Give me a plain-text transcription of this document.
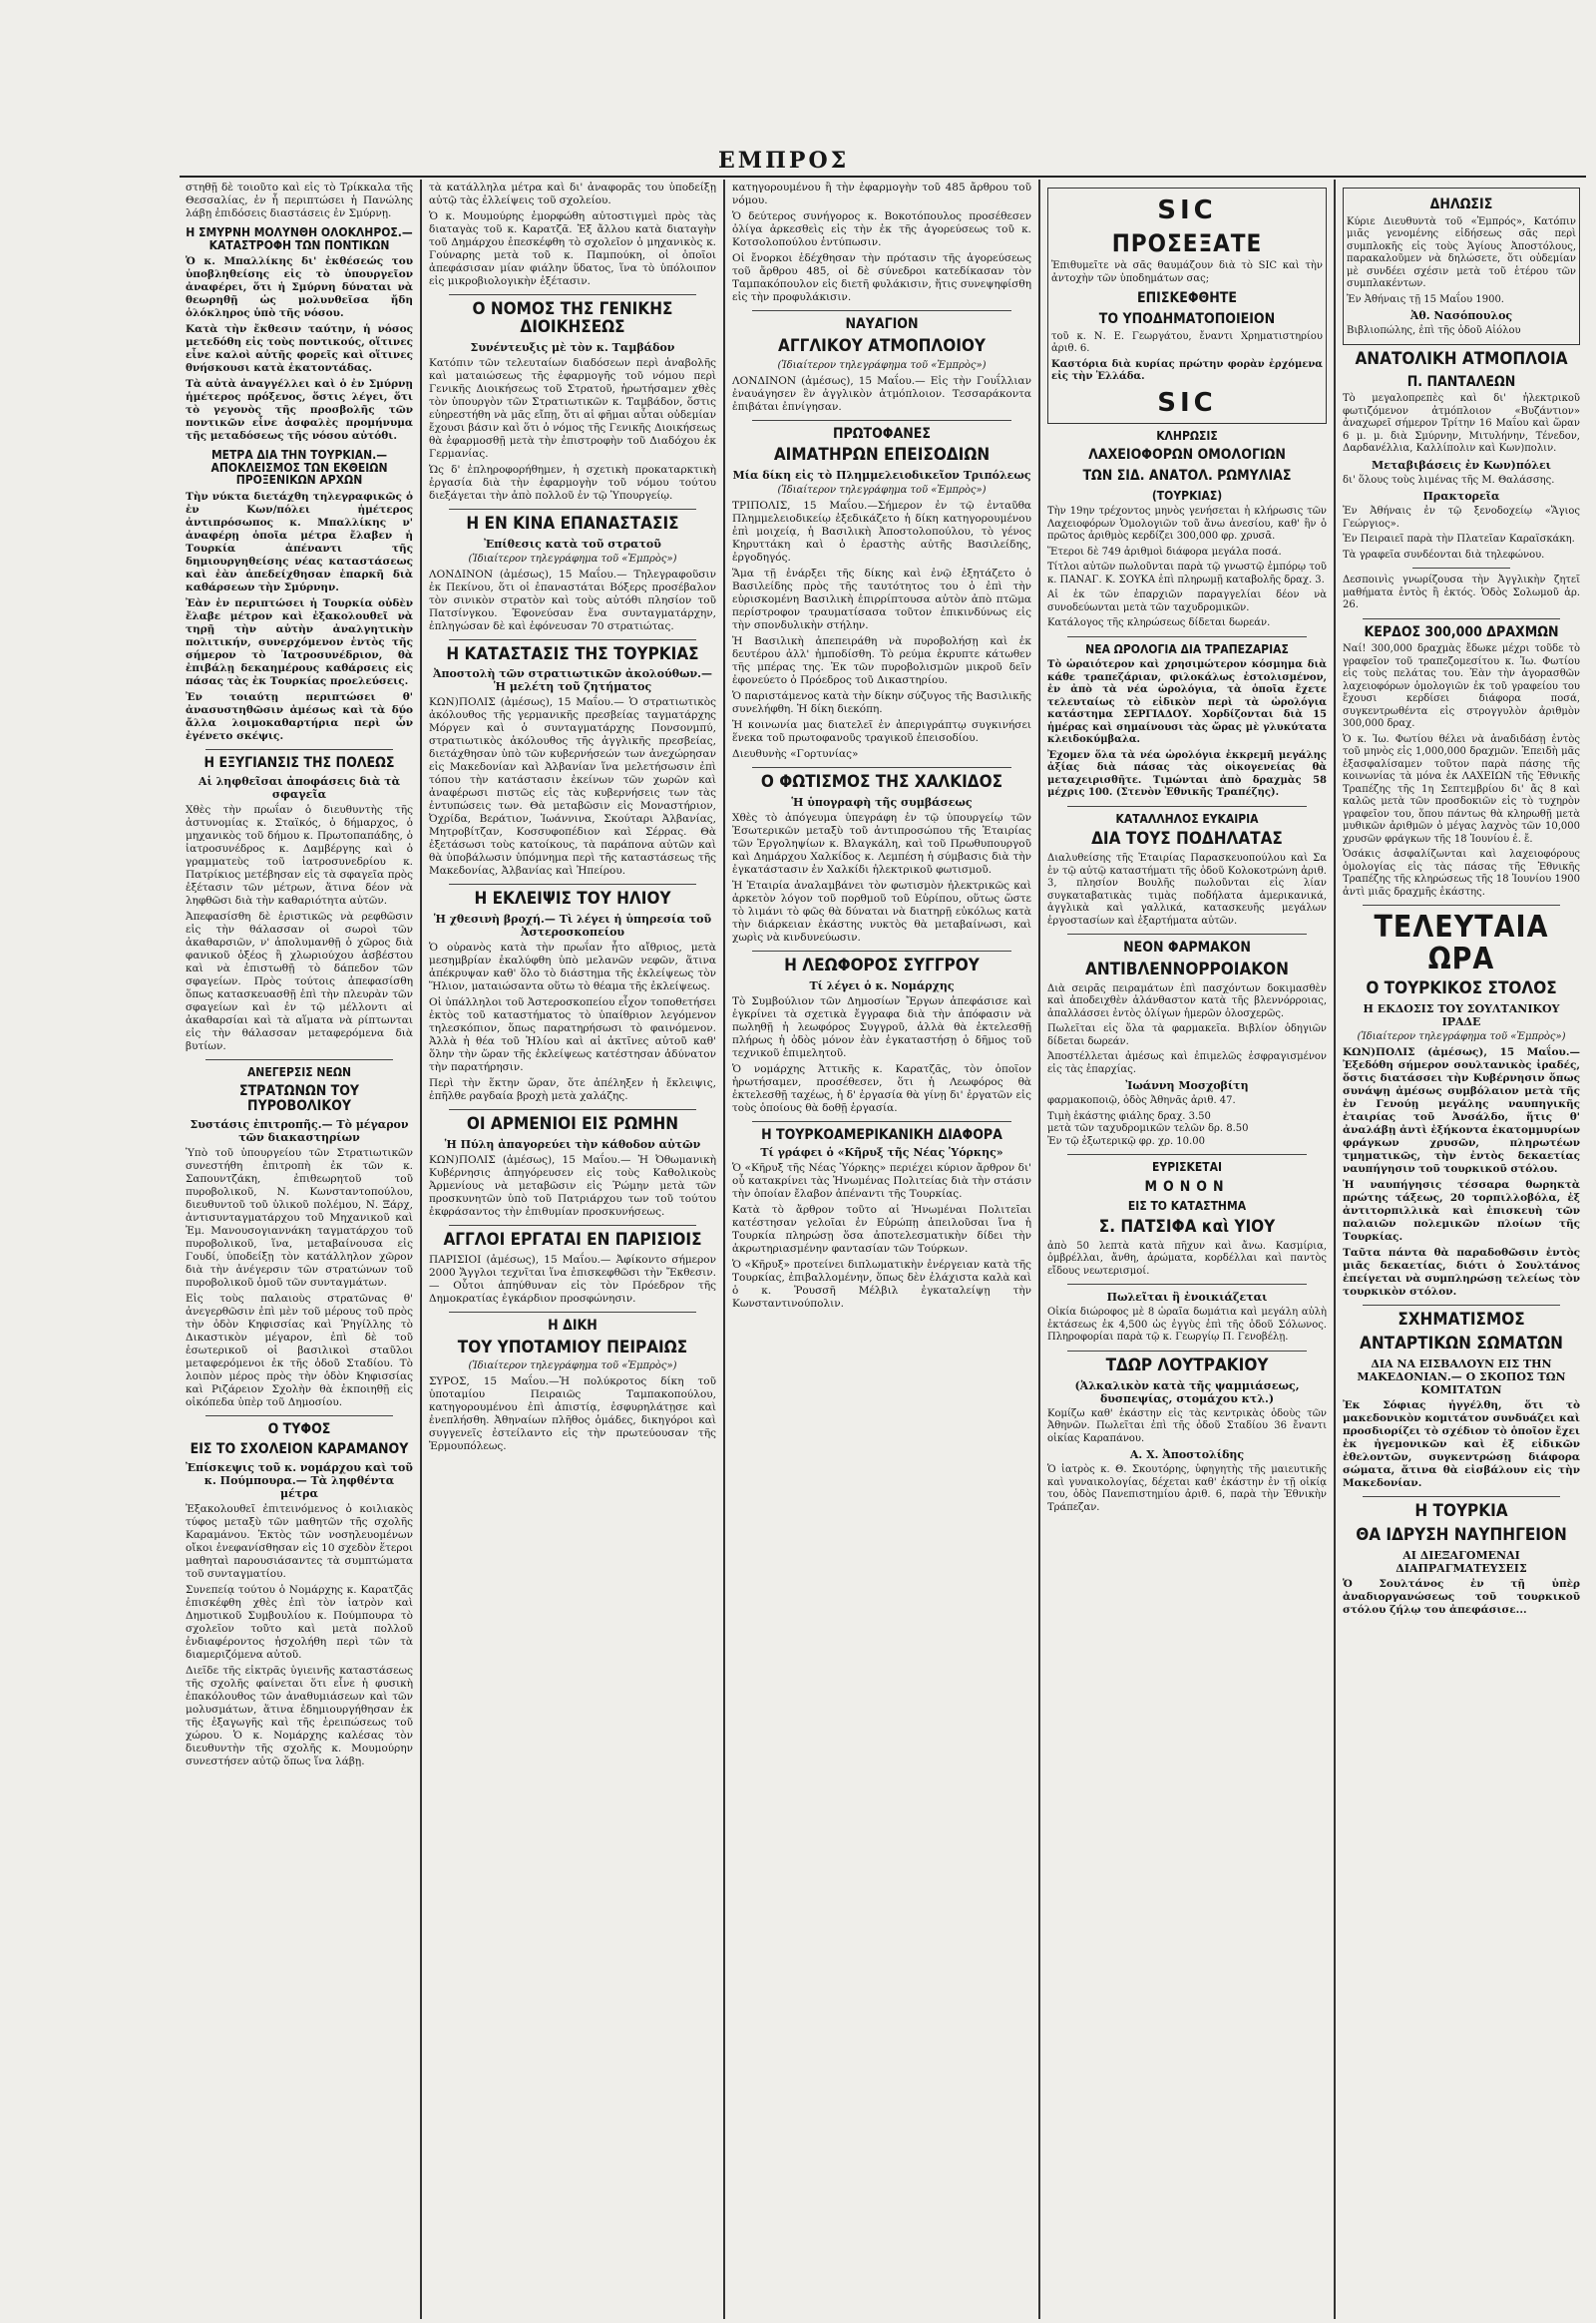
ΕΜΠΡΟΣ

στηθῇ δὲ τοιοῦτο καὶ εἰς τὸ Τρίκκαλα τῆς Θεσσαλίας, ἐν ἧ περιπτώσει ἡ Πανώλης λάβῃ ἐπιδόσεις διαστάσεις ἐν Σμύρνῃ.

Η ΣΜΥΡΝΗ ΜΟΛΥΝΘΗ ΟΛΟΚΛΗΡΟΣ.—ΚΑΤΑΣΤΡΟΦΗ ΤΩΝ ΠΟΝΤΙΚΩΝ

Ὁ κ. Μπαλλίκης δι' ἐκθέσεώς του ὑποβληθείσης εἰς τὸ ὑπουργεῖον ἀναφέρει, ὅτι ἡ Σμύρνη δύναται νὰ θεωρηθῇ ὡς μολυνθεῖσα ἤδη ὁλόκληρος ὑπὸ τῆς νόσου.

Κατὰ τὴν ἔκθεσιν ταύτην, ἡ νόσος μετεδόθη εἰς τοὺς ποντικούς, οἵτινες εἶνε καλοὶ αὐτῆς φορεῖς καὶ οἵτινες θνήσκουσι κατὰ ἑκατοντάδας.

Τὰ αὐτὰ ἀναγγέλλει καὶ ὁ ἐν Σμύρνῃ ἡμέτερος πρόξενος, ὅστις λέγει, ὅτι τὸ γεγονὸς τῆς προσβολῆς τῶν ποντικῶν εἶνε ἀσφαλὲς προμήνυμα τῆς μεταδόσεως τῆς νόσου αὐτόθι.

ΜΕΤΡΑ ΔΙΑ ΤΗΝ ΤΟΥΡΚΙΑΝ.— ΑΠΟΚΛΕΙΣΜΟΣ ΤΩΝ ΕΚΘΕΙΩΝ ΠΡΟΞΕΝΙΚΩΝ ΑΡΧΩΝ

Τὴν νύκτα διετάχθη τηλεγραφικῶς ὁ ἐν Κων/πόλει ἡμέτερος ἀντιπρόσωπος κ. Μπαλλίκης ν' ἀναφέρῃ ὁποῖα μέτρα ἔλαβεν ἡ Τουρκία ἀπέναντι τῆς δημιουργηθείσης νέας καταστάσεως καὶ ἐὰν ἀπεδείχθησαν ἐπαρκῆ διὰ καθάρσεων τὴν Σμύρνην.

Ἐὰν ἐν περιπτώσει ἡ Τουρκία οὐδὲν ἔλαβε μέτρον καὶ ἐξακολουθεῖ νὰ τηρῇ τὴν αὐτὴν ἀναλγητικὴν πολιτικήν, συνερχόμενον ἐντὸς τῆς σήμερον τὸ Ἰατροσυνέδριον, θὰ ἐπιβάλῃ δεκαημέρους καθάρσεις εἰς πάσας τὰς ἐκ Τουρκίας προελεύσεις.

Ἐν τοιαύτῃ περιπτώσει θ' ἀνασυστηθῶσιν ἀμέσως καὶ τὰ δύο ἄλλα λοιμοκαθαρτήρια περὶ ὧν ἐγένετο σκέψις.

Η ΕΞΥΓΙΑΝΣΙΣ ΤΗΣ ΠΟΛΕΩΣ
Αἱ ληφθεῖσαι ἀποφάσεις διὰ τὰ σφαγεῖα

Χθὲς τὴν πρωΐαν ὁ διευθυντὴς τῆς ἀστυνομίας κ. Σταϊκός, ὁ δήμαρχος, ὁ μηχανικὸς τοῦ δήμου κ. Πρωτοπαπάδης, ὁ ἰατροσυνέδρος κ. Δαμβέργης καὶ ὁ γραμματεὺς τοῦ ἰατροσυνεδρίου κ. Πατρίκιος μετέβησαν εἰς τὰ σφαγεῖα πρὸς ἐξέτασιν τῶν μέτρων, ἅτινα δέον νὰ ληφθῶσι διὰ τὴν καθαριότητα αὐτῶν.

Ἀπεφασίσθη δὲ ἐριστικῶς νὰ ρεφθῶσιν εἰς τὴν θάλασσαν οἱ σωροὶ τῶν ἀκαθαρσιῶν, ν' ἀπολυμανθῇ ὁ χῶρος διὰ φανικοῦ ὀξέος ἢ χλωριούχου ἀσβέστου καὶ νὰ ἐπιστωθῇ τὸ δάπεδον τῶν σφαγείων. Πρὸς τούτοις ἀπεφασίσθη ὅπως κατασκευασθῇ ἐπὶ τὴν πλευρὰν τῶν σφαγείων καὶ ἐν τῷ μέλλοντι αἱ ἀκαθαρσίαι καὶ τὰ αἵματα νὰ ρίπτωνται εἰς τὴν θάλασσαν μεταφερόμενα διὰ βυτίων.

ΑΝΕΓΕΡΣΙΣ ΝΕΩΝ
ΣΤΡΑΤΩΝΩΝ ΤΟΥ ΠΥΡΟΒΟΛΙΚΟΥ
Συστάσις ἐπιτροπῆς.— Τὸ μέγαρον τῶν διακαστηρίων

Ὑπὸ τοῦ ὑπουργείου τῶν Στρατιωτικῶν συνεστήθη ἐπιτροπὴ ἐκ τῶν κ. Σαπουντζάκη, ἐπιθεωρητοῦ τοῦ πυροβολικοῦ, Ν. Κωνσταντοπούλου, διευθυντοῦ τοῦ ὑλικοῦ πολέμου, Ν. Ξάρχ, ἀντισυνταγματάρχου τοῦ Μηχανικοῦ καὶ Ἐμ. Μανουσογιαννάκη ταγματάρχου τοῦ πυροβολικοῦ, ἵνα, μεταβαίνουσα εἰς Γουδί, ὑποδείξῃ τὸν κατάλληλον χῶρον διὰ τὴν ἀνέγερσιν τῶν στρατώνων τοῦ πυροβολικοῦ ὁμοῦ τῶν συνταγμάτων.

Εἰς τοὺς παλαιοὺς στρατῶνας θ' ἀνεγερθῶσιν ἐπὶ μὲν τοῦ μέρους τοῦ πρὸς τὴν ὁδὸν Κηφισσίας καὶ Ῥηγίλλης τὸ Δικαστικὸν μέγαρον, ἐπὶ δὲ τοῦ ἐσωτερικοῦ οἱ βασιλικοὶ σταῦλοι μεταφερόμενοι ἐκ τῆς ὁδοῦ Σταδίου. Τὸ λοιπὸν μέρος πρὸς τὴν ὁδὸν Κηφισσίας καὶ Ριζάρειον Σχολὴν θὰ ἐκποιηθῇ εἰς οἰκόπεδα ὑπὲρ τοῦ Δημοσίου.

Ο ΤΥΦΟΣ
ΕΙΣ ΤΟ ΣΧΟΛΕΙΟΝ ΚΑΡΑΜΑΝΟΥ
Ἐπίσκεψις τοῦ κ. νομάρχου καὶ τοῦ κ. Πούμπουρα.— Τὰ ληφθέντα μέτρα

Ἐξακολουθεῖ ἐπιτεινόμενος ὁ κοιλιακὸς τύφος μεταξὺ τῶν μαθητῶν τῆς σχολῆς Καραμάνου. Ἐκτὸς τῶν νοσηλευομένων οἴκοι ἐνεφανίσθησαν εἰς 10 σχεδὸν ἕτεροι μαθηταὶ παρουσιάσαντες τὰ συμπτώματα τοῦ συνταγματίου.

Συνεπείᾳ τούτου ὁ Νομάρχης κ. Καρατζᾶς ἐπισκέφθη χθὲς ἐπὶ τὸν ἰατρὸν καὶ Δημοτικοῦ Συμβουλίου κ. Πούμπουρα τὸ σχολεῖον τοῦτο καὶ μετὰ πολλοῦ ἐνδιαφέροντος ἠσχολήθη περὶ τῶν τὰ διαμεριζόμενα αὐτοῦ.

Διεῖδε τῆς εἰκτρᾶς ὑγιεινῆς καταστάσεως τῆς σχολῆς φαίνεται ὅτι εἶνε ἡ φυσικὴ ἐπακόλουθος τῶν ἀναθυμιάσεων καὶ τῶν μολυσμάτων, ἅτινα ἐδημιουργήθησαν ἐκ τῆς ἐξαγωγῆς καὶ τῆς ἐρειπώσεως τοῦ χώρου. Ὁ κ. Νομάρχης καλέσας τὸν διευθυντὴν τῆς σχολῆς κ. Μουμούρην συνεστήσεν αὐτῷ ὅπως ἵνα λάβῃ.

τὰ κατάλληλα μέτρα καὶ δι' ἀναφορᾶς του ὑποδείξῃ αὐτῷ τὰς ἐλλείψεις τοῦ σχολείου.

Ὁ κ. Μουμούρης ἐμορφώθη αὐτοστιγμεὶ πρὸς τὰς διαταγὰς τοῦ κ. Καρατζᾶ. Ἐξ ἄλλου κατὰ διαταγὴν τοῦ Δημάρχου ἐπεσκέφθη τὸ σχολεῖον ὁ μηχανικὸς κ. Γούναρης μετὰ τοῦ κ. Παμπούκη, οἱ ὁποῖοι ἀπεφάσισαν μίαν φιάλην ὕδατος, ἵνα τὸ ὑπόλοιπον εἰς μικροβιολογικὴν ἐξέτασιν.

Ο ΝΟΜΟΣ ΤΗΣ ΓΕΝΙΚΗΣ ΔΙΟΙΚΗΣΕΩΣ
Συνέντευξις μὲ τὸν κ. Ταμβάδον

Κατόπιν τῶν τελευταίων διαδόσεων περὶ ἀναβολῆς καὶ ματαιώσεως τῆς ἐφαρμογῆς τοῦ νόμου περὶ Γενικῆς Διοικήσεως τοῦ Στρατοῦ, ἠρωτήσαμεν χθὲς τὸν ὑπουργὸν τῶν Στρατιωτικῶν κ. Ταμβάδον, ὅστις εὐηρεστήθη νὰ μᾶς εἴπῃ, ὅτι αἱ φῆμαι αὗται οὐδεμίαν ἔχουσι βάσιν καὶ ὅτι ὁ νόμος τῆς Γενικῆς Διοικήσεως θὰ ἐφαρμοσθῇ μετὰ τὴν ἐπιστροφὴν τοῦ Διαδόχου ἐκ Γερμανίας.

Ὡς δ' ἐπληροφορήθημεν, ἡ σχετικὴ προκαταρκτικὴ ἐργασία διὰ τὴν ἐφαρμογὴν τοῦ νόμου τούτου διεξάγεται τὴν ἀπὸ πολλοῦ ἐν τῷ Ὑπουργείῳ.

Η ΕΝ ΚΙΝΑ ΕΠΑΝΑΣΤΑΣΙΣ
Ἐπίθεσις κατὰ τοῦ στρατοῦ
(Ἰδιαίτερον τηλεγράφημα τοῦ «Ἐμπρὸς»)

ΛΟΝΔΙΝΟΝ (ἀμέσως), 15 Μαΐου.— Τηλεγραφοῦσιν ἐκ Πεκίνου, ὅτι οἱ ἐπαναστάται Βόξερς προσέβαλον τὸν σινικὸν στρατὸν καὶ τοὺς αὐτόθι πλησίον τοῦ Πατσίνγκου. Ἐφονεύσαν ἕνα συνταγματάρχην, ἐπληγώσαν δὲ καὶ ἐφόνευσαν 70 στρατιώτας.

Η ΚΑΤΑΣΤΑΣΙΣ ΤΗΣ ΤΟΥΡΚΙΑΣ
Ἀποστολὴ τῶν στρατιωτικῶν ἀκολούθων.— Ἡ μελέτη τοῦ ζητήματος

ΚΩΝ)ΠΟΛΙΣ (ἀμέσως), 15 Μαΐου.— Ὁ στρατιωτικὸς ἀκόλουθος τῆς γερμανικῆς πρεσβείας ταγματάρχης Μόργεν καὶ ὁ συνταγματάρχης Πονσονμπύ, στρατιωτικὸς ἀκόλουθος τῆς ἀγγλικῆς πρεσβείας, διετάχθησαν ὑπὸ τῶν κυβερνήσεών των ἀνεχώρησαν εἰς Μακεδονίαν καὶ Ἀλβανίαν ἵνα μελετήσωσιν ἐπὶ τόπου τὴν κατάστασιν ἐκείνων τῶν χωρῶν καὶ ἀναφέρωσι πιστῶς εἰς τὰς κυβερνήσεις των τὰς ἐντυπώσεις των. Θὰ μεταβῶσιν εἰς Μοναστήριον, Ὀχρίδα, Βεράτιον, Ἰωάννινα, Σκούταρι Ἀλβανίας, Μητροβίτζαν, Κοσσυφοπέδιον καὶ Σέρρας. Θὰ ἐξετάσωσι τοὺς κατοίκους, τὰ παράπονα αὐτῶν καὶ θὰ ὑποβάλωσιν ὑπόμνημα περὶ τῆς καταστάσεως τῆς Μακεδονίας, Ἀλβανίας καὶ Ἠπείρου.

Η ΕΚΛΕΙΨΙΣ ΤΟΥ ΗΛΙΟΥ
Ἡ χθεσινὴ βροχή.— Τὶ λέγει ἡ ὑπηρεσία τοῦ Ἀστεροσκοπείου

Ὁ οὐρανὸς κατὰ τὴν πρωΐαν ἦτο αἴθριος, μετὰ μεσημβρίαν ἐκαλύφθη ὑπὸ μελανῶν νεφῶν, ἅτινα ἀπέκρυψαν καθ' ὅλο τὸ διάστημα τῆς ἐκλείψεως τὸν Ἥλιον, ματαιώσαντα οὕτω τὸ θέαμα τῆς ἐκλείψεως.

Οἱ ὑπάλληλοι τοῦ Ἀστεροσκοπείου εἶχον τοποθετήσει ἐκτὸς τοῦ καταστήματος τὸ ὑπαίθριον λεγόμενον τηλεσκόπιον, ὅπως παρατηρήσωσι τὸ φαινόμενον. Ἀλλὰ ἡ θέα τοῦ Ἡλίου καὶ αἱ ἀκτῖνες αὐτοῦ καθ' ὅλην τὴν ὥραν τῆς ἐκλείψεως κατέστησαν ἀδύνατον τὴν παρατήρησιν.

Περὶ τὴν ἕκτην ὥραν, ὅτε ἀπέληξεν ἡ ἔκλειψις, ἐπῆλθε ραγδαία βροχὴ μετὰ χαλάζης.

ΟΙ ΑΡΜΕΝΙΟΙ ΕΙΣ ΡΩΜΗΝ
Ἡ Πύλη ἀπαγορεύει τὴν κάθοδον αὐτῶν

ΚΩΝ)ΠΟΛΙΣ (ἀμέσως), 15 Μαΐου.— Ἡ Ὀθωμανικὴ Κυβέρνησις ἀπηγόρευσεν εἰς τοὺς Καθολικοὺς Ἀρμενίους νὰ μεταβῶσιν εἰς Ῥώμην μετὰ τῶν προσκυνητῶν ὑπὸ τοῦ Πατριάρχου των τοῦ τούτου ἐκφράσαντος τὴν ἐπιθυμίαν προσκυνήσεως.

ΑΓΓΛΟΙ ΕΡΓΑΤΑΙ ΕΝ ΠΑΡΙΣΙΟΙΣ

ΠΑΡΙΣΙΟΙ (ἀμέσως), 15 Μαΐου.— Ἀφίκοντο σήμερον 2000 Ἄγγλοι τεχνῖται ἵνα ἐπισκεφθῶσι τὴν Ἔκθεσιν.— Οὗτοι ἀπηύθυναν εἰς τὸν Πρόεδρον τῆς Δημοκρατίας ἐγκάρδιον προσφώνησιν.

Η ΔΙΚΗ
ΤΟΥ ΥΠΟΤΑΜΙΟΥ ΠΕΙΡΑΙΩΣ
(Ἰδιαίτερον τηλεγράφημα τοῦ «Ἐμπρὸς»)

ΣΥΡΟΣ, 15 Μαΐου.—Ἡ πολύκροτος δίκη τοῦ ὑποταμίου Πειραιῶς Ταμπακοπούλου, κατηγορουμένου ἐπὶ ἀπιστίᾳ, ἐσφυρηλάτῃσε καὶ ἐνεπλήσθη. Ἀθηναίων πλῆθος ὁμάδες, δικηγόροι καὶ συγγενεῖς ἐστείλαντο εἰς τὴν πρωτεύουσαν τῆς Ἑρμουπόλεως.

κατηγορουμένου ἢ τὴν ἐφαρμογὴν τοῦ 485 ἄρθρου τοῦ νόμου.

Ὁ δεύτερος συνήγορος κ. Βοκοτόπουλος προσέθεσεν ὀλίγα ἀρκεσθεὶς εἰς τὴν ἐκ τῆς ἀγορεύσεως τοῦ κ. Κοτσολοπούλου ἐντύπωσιν.

Οἱ ἔνορκοι ἐδέχθησαν τὴν πρότασιν τῆς ἀγορεύσεως τοῦ ἄρθρου 485, οἱ δὲ σύνεδροι κατεδίκασαν τὸν Ταμπακόπουλον εἰς διετῆ φυλάκισιν, ἥτις συνεψηφίσθη εἰς τὴν προφυλάκισιν.

ΝΑΥΑΓΙΟΝ
ΑΓΓΛΙΚΟΥ ΑΤΜΟΠΛΟΙΟΥ
(Ἰδιαίτερον τηλεγράφημα τοῦ «Ἐμπρὸς»)

ΛΟΝΔΙΝΟΝ (ἀμέσως), 15 Μαΐου.— Εἰς τὴν Γουΐλλιαν ἐναυάγησεν ἓν ἀγγλικὸν ἀτμόπλοιον. Τεσσαράκοντα ἐπιβάται ἐπνίγησαν.

ΠΡΩΤΟΦΑΝΕΣ
ΑΙΜΑΤΗΡΩΝ ΕΠΕΙΣΟΔΙΩΝ
Μία δίκη εἰς τὸ Πλημμελειοδικεῖον Τριπόλεως
(Ἰδιαίτερον τηλεγράφημα τοῦ «Ἐμπρὸς»)

ΤΡΙΠΟΛΙΣ, 15 Μαΐου.—Σήμερον ἐν τῷ ἐνταῦθα Πλημμελειοδικείῳ ἐξεδικάζετο ἡ δίκη κατηγορουμένου ἐπὶ μοιχείᾳ, ἡ Βασιλικὴ Ἀποστολοπούλου, τὸ γένος Κηρυττάκη καὶ ὁ ἐραστὴς αὐτῆς Βασιλείδης, ἐργοδηγός.

Ἅμα τῇ ἐνάρξει τῆς δίκης καὶ ἐνῷ ἐξητάζετο ὁ Βασιλείδης πρὸς τῆς ταυτότητος του ὁ ἐπὶ τὴν εὑρισκομένη Βασιλικὴ ἐπιρρίπτουσα αὐτὸν ἀπὸ πτῶμα περίστροφον τραυματίσασα τοῦτον ἐπικινδύνως εἰς τὴν σπονδυλικὴν στήλην.

Ἡ Βασιλικὴ ἀπεπειράθη νὰ πυροβολήσῃ καὶ ἐκ δευτέρου ἀλλ' ἠμποδίσθη. Τὸ ρεύμα ἐκρυπτε κάτωθεν τῆς μπέρας της. Ἐκ τῶν πυροβολισμῶν μικροῦ δεῖν ἐφονεύετο ὁ Πρόεδρος τοῦ Δικαστηρίου.

Ὁ παριστάμενος κατὰ τὴν δίκην σύζυγος τῆς Βασιλικῆς συνελήφθη. Ἡ δίκη διεκόπη.

Ἡ κοινωνία μας διατελεῖ ἐν ἀπεριγράπτῳ συγκινήσει ἕνεκα τοῦ πρωτοφανοῦς τραγικοῦ ἐπεισοδίου.

Διευθυνὴς «Γορτυνίας»

Ο ΦΩΤΙΣΜΟΣ ΤΗΣ ΧΑΛΚΙΔΟΣ
Ἡ ὑπογραφὴ τῆς συμβάσεως

Χθὲς τὸ ἀπόγευμα ὑπεγράφη ἐν τῷ ὑπουργείῳ τῶν Ἐσωτερικῶν μεταξὺ τοῦ ἀντιπροσώπου τῆς Ἑταιρίας τῶν Ἑργοληψίων κ. Βλαγκάλη, καὶ τοῦ Πρωθυπουργοῦ καὶ Δημάρχου Χαλκίδος κ. Λεμπέση ἡ σύμβασις διὰ τὴν ἐγκατάστασιν ἐν Χαλκίδι ἠλεκτρικοῦ φωτισμοῦ.

Ἡ Ἑταιρία ἀναλαμβάνει τὸν φωτισμὸν ἠλεκτρικῶς καὶ ἀρκετὸν λόγον τοῦ πορθμοῦ τοῦ Εὐρίπου, οὕτως ὥστε τὸ λιμάνι τὸ φῶς θὰ δύναται νὰ διατηρῇ εὐκόλως κατὰ τὴν διάρκειαν ἑκάστης νυκτὸς θὰ μεταβαίνωσι, καὶ χωρὶς νὰ κινδυνεύωσιν.

Η ΛΕΩΦΟΡΟΣ ΣΥΓΓΡΟΥ
Τί λέγει ὁ κ. Νομάρχης

Τὸ Συμβούλιον τῶν Δημοσίων Ἔργων ἀπεφάσισε καὶ ἐγκρίνει τὰ σχετικὰ ἔγγραφα διὰ τὴν ἀπόφασιν νὰ πωληθῇ ἡ λεωφόρος Συγγροῦ, ἀλλὰ θὰ ἐκτελεσθῇ πλήρως ἡ ὁδὸς μόνον ἐὰν ἐγκαταστήσῃ ὁ δῆμος τοῦ τεχνικοῦ ἐπιμελητοῦ.

Ὁ νομάρχης Ἀττικῆς κ. Καρατζᾶς, τὸν ὁποῖον ἠρωτήσαμεν, προσέθεσεν, ὅτι ἡ Λεωφόρος θὰ ἐκτελεσθῇ ταχέως, ἡ δ' ἐργασία θὰ γίνῃ δι' ἐργατῶν εἰς τοὺς ὁποίους θὰ δοθῇ ἐργασία.

Η ΤΟΥΡΚΟΑΜΕΡΙΚΑΝΙΚΗ ΔΙΑΦΟΡΑ
Τί γράφει ὁ «Κῆρυξ τῆς Νέας Ὑόρκης»

Ὁ «Κῆρυξ τῆς Νέας Ὑόρκης» περιέχει κύριον ἄρθρον δι' οὗ κατακρίνει τὰς Ἡνωμένας Πολιτείας διὰ τὴν στάσιν τὴν ὁποίαν ἔλαβον ἀπέναντι τῆς Τουρκίας.

Κατὰ τὸ ἄρθρον τοῦτο αἱ Ἡνωμέναι Πολιτεῖαι κατέστησαν γελοῖαι ἐν Εὐρώπῃ ἀπειλοῦσαι ἵνα ἡ Τουρκία πληρώσῃ ὅσα ἀποτελεσματικὴν δίδει τὴν ἀκρωτηριασμένην φαντασίαν τῶν Τούρκων.

Ὁ «Κῆρυξ» προτείνει διπλωματικὴν ἐνέργειαν κατὰ τῆς Τουρκίας, ἐπιβαλλομένην, ὅπως δὲν ἐλάχιστα καλὰ καὶ ὁ κ. Ῥουσσῆ Μέλβιλ ἐγκαταλείψῃ τὴν Κωνσταντινούπολιν.

SIC
ΠΡΟΣΕΞΑΤΕ

Ἐπιθυμεῖτε νὰ σᾶς θαυμάζουν διὰ τὸ SIC καὶ τὴν ἀντοχὴν τῶν ὑποδημάτων σας;

ΕΠΙΣΚΕΦΘΗΤΕ
ΤΟ ΥΠΟΔΗΜΑΤΟΠΟΙΕΙΟΝ

τοῦ κ. Ν. Ε. Γεωργάτου, ἔναντι Χρηματιστηρίου ἀριθ. 6.

Καστόρια διὰ κυρίας πρώτην φορὰν ἐρχόμενα εἰς τὴν Ἑλλάδα.

SIC
ΚΛΗΡΩΣΙΣ
ΛΑΧΕΙΟΦΟΡΩΝ ΟΜΟΛΟΓΙΩΝ
ΤΩΝ ΣΙΔ. ΑΝΑΤΟΛ. ΡΩΜΥΛΙΑΣ
(ΤΟΥΡΚΙΑΣ)

Τὴν 19ην τρέχοντος μηνὸς γενήσεται ἡ κλήρωσις τῶν Λαχειοφόρων Ὁμολογιῶν τοῦ ἄνω ἀνεσίου, καθ' ἣν ὁ πρῶτος ἀριθμὸς κερδίζει 300,000 φρ. χρυσᾶ.

Ἕτεροι δὲ 749 ἀριθμοὶ διάφορα μεγάλα ποσά.

Τίτλοι αὐτῶν πωλοῦνται παρὰ τῷ γνωστῷ ἐμπόρῳ τοῦ κ. ΠΑΝΑΓ. Κ. ΣΟΥΚΑ ἐπὶ πληρωμῇ καταβολῆς δραχ. 3.

Αἱ ἐκ τῶν ἐπαρχιῶν παραγγελίαι δέον νὰ συνοδεύωνται μετὰ τῶν ταχυδρομικῶν.

Κατάλογος τῆς κληρώσεως δίδεται δωρεάν.

ΝΕΑ ΩΡΟΛΟΓΙΑ ΔΙΑ ΤΡΑΠΕΖΑΡΙΑΣ

Τὸ ὡραιότερον καὶ χρησιμώτερον κόσμημα διὰ κάθε τραπεζάριαν, φιλοκάλως ἐστολισμένον, ἐν ἀπὸ τὰ νέα ὡρολόγια, τὰ ὁποῖα ἔχετε τελευταίως τὸ εἰδικὸν περὶ τὰ ὡρολόγια κατάστημα ΣΕΡΓΙΑΔΟΥ. Χορδίζονται διὰ 15 ἡμέρας καὶ σημαίνουσι τὰς ὥρας μὲ γλυκύτατα κλειδοκύμβαλα.

Ἐχομεν ὅλα τὰ νέα ὡρολόγια ἐκκρεμῆ μεγάλης ἀξίας διὰ πάσας τὰς οἰκογενείας θὰ μεταχειρισθῆτε. Τιμώνται ἀπὸ δραχμὰς 58 μέχρις 100. (Στενὸν Ἐθνικῆς Τραπέζης).

ΚΑΤΑΛΛΗΛΟΣ ΕΥΚΑΙΡΙΑ
ΔΙΑ ΤΟΥΣ ΠΟΔΗΛΑΤΑΣ

Διαλυθείσης τῆς Ἑταιρίας Παρασκευοπούλου καὶ Σα ἐν τῷ αὐτῷ καταστήματι τῆς ὁδοῦ Κολοκοτρώνη ἀριθ. 3, πλησίον Βουλῆς πωλοῦνται εἰς λίαν συγκαταβατικὰς τιμὰς ποδήλατα ἀμερικανικά, ἀγγλικὰ καὶ γαλλικά, κατασκευῆς μεγάλων ἐργοστασίων καὶ ἐξαρτήματα αὐτῶν.

ΝΕΟΝ ΦΑΡΜΑΚΟΝ
ΑΝΤΙΒΛΕΝΝΟΡΡΟΙΑΚΟΝ

Διὰ σειρᾶς πειραμάτων ἐπὶ πασχόντων δοκιμασθὲν καὶ ἀποδειχθὲν ἀλάνθαστον κατὰ τῆς βλεννόρροιας, ἀπαλλάσσει ἐντὸς ὀλίγων ἡμερῶν ὁλοσχερῶς.

Πωλεῖται εἰς ὅλα τὰ φαρμακεῖα. Βιβλίον ὁδηγιῶν δίδεται δωρεάν.

Ἀποστέλλεται ἀμέσως καὶ ἐπιμελῶς ἐσφραγισμένον εἰς τὰς ἐπαρχίας.

Ἰωάννη Μοσχοβίτη

φαρμακοποιῷ, ὁδὸς Ἀθηνᾶς ἀριθ. 47.

Τιμὴ ἑκάστης φιάλης δραχ. 3.50
μετὰ τῶν ταχυδρομικῶν τελῶν δρ. 8.50
Ἐν τῷ ἐξωτερικῷ φρ. χρ. 10.00
ΕΥΡΙΣΚΕΤΑΙ
ΜΟΝΟΝ
ΕΙΣ ΤΟ ΚΑΤΑΣΤΗΜΑ
Σ. ΠΑΤΣΙΦΑ καὶ ΥΙΟΥ

ἀπὸ 50 λεπτὰ κατὰ πῆχυν καὶ ἄνω. Κασμίρια, ὀμβρέλλαι, ἄνθη, ἀρώματα, κορδέλλαι καὶ παντὸς εἴδους νεωτερισμοί.

Πωλεῖται ἢ ἐνοικιάζεται

Οἰκία διώροφος μὲ 8 ὡραῖα δωμάτια καὶ μεγάλη αὐλὴ ἐκτάσεως ἐκ 4,500 ὡς ἐγγὺς ἐπὶ τῆς ὁδοῦ Σόλωνος. Πληροφορίαι παρὰ τῷ κ. Γεωργίῳ Π. Γενοβέλῃ.

ΤΔΩΡ ΛΟΥΤΡΑΚΙΟΥ
(Ἀλκαλικὸν κατὰ τῆς ψαμμιάσεως, δυσπεψίας, στομάχου κτλ.)

Κομίζω καθ' ἑκάστην εἰς τὰς κεντρικὰς ὁδοὺς τῶν Ἀθηνῶν. Πωλεῖται ἐπὶ τῆς ὁδοῦ Σταδίου 36 ἔναντι οἰκίας Καραπάνου.

Α. Χ. Ἀποστολίδης

Ὁ ἰατρὸς κ. Θ. Σκουτόρης, ὑφηγητὴς τῆς μαιευτικῆς καὶ γυναικολογίας, δέχεται καθ' ἑκάστην ἐν τῇ οἰκίᾳ του, ὁδὸς Πανεπιστημίου ἀριθ. 6, παρὰ τὴν Ἐθνικὴν Τράπεζαν.

ΔΗΛΩΣΙΣ

Κύριε Διευθυντὰ τοῦ «Ἐμπρός», Κατόπιν μιᾶς γενομένης εἰδήσεως σᾶς περὶ συμπλοκῆς εἰς τοὺς Ἁγίους Ἀποστόλους, παρακαλοῦμεν νὰ δηλώσετε, ὅτι οὐδεμίαν μὲ συνδέει σχέσιν μετὰ τοῦ ἑτέρου τῶν συμπλακέντων.

Ἐν Ἀθήναις τῇ 15 Μαΐου 1900.

Ἀθ. Νασόπουλος

Βιβλιοπώλης, ἐπὶ τῆς ὁδοῦ Αἰόλου

ΑΝΑΤΟΛΙΚΗ ΑΤΜΟΠΛΟΙΑ
Π. ΠΑΝΤΑΛΕΩΝ

Τὸ μεγαλοπρεπὲς καὶ δι' ἠλεκτρικοῦ φωτιζόμενον ἀτμόπλοιον «Βυζάντιον» ἀναχωρεῖ σήμερον Τρίτην 16 Μαΐου καὶ ὥραν 6 μ. μ. διὰ Σμύρνην, Μιτυλήνην, Τένεδον, Δαρδανέλλια, Καλλίπολιν καὶ Κων)πολιν.

Μεταβιβάσεις ἐν Κων)πόλει

δι' ὅλους τοὺς λιμένας τῆς Μ. Θαλάσσης.

Πρακτορεῖα

Ἐν Ἀθήναις ἐν τῷ ξενοδοχείῳ «Ἅγιος Γεώργιος».

Ἐν Πειραιεῖ παρὰ τὴν Πλατεῖαν Καραϊσκάκη.

Τὰ γραφεῖα συνδέονται διὰ τηλεφώνου.

Δεσποινὶς γνωρίζουσα τὴν Ἀγγλικὴν ζητεῖ μαθήματα ἐντὸς ἢ ἐκτός. Ὁδὸς Σολωμοῦ ἀρ. 26.

ΚΕΡΔΟΣ 300,000 ΔΡΑΧΜΩΝ

Ναί! 300,000 δραχμὰς ἔδωκε μέχρι τοῦδε τὸ γραφεῖον τοῦ τραπεζομεσίτου κ. Ἰω. Φωτίου εἰς τοὺς πελάτας του. Ἐὰν τὴν ἀγορασθῶν λαχειοφόρων ὁμολογιῶν ἐκ τοῦ γραφείου του ἔχουσι κερδίσει διάφορα ποσά, συγκεντρωθέντα εἰς στρογγυλὸν ἀριθμὸν 300,000 δραχ.

Ὁ κ. Ἰω. Φωτίου θέλει νὰ ἀναδιδάσῃ ἐντὸς τοῦ μηνὸς εἰς 1,000,000 δραχμῶν. Ἐπειδὴ μᾶς ἐξασφαλίσαμεν τοῦτον παρὰ πάσης τῆς κοινωνίας τὰ μόνα ἐκ ΛΑΧΕΙΩΝ τῆς Ἐθνικῆς Τραπέζης τῆς 1η Σεπτεμβρίου δι' ἄς 8 καὶ καλῶς μετὰ τῶν προσδοκιῶν εἰς τὸ τυχηρὸν γραφεῖον του, ὅπου πάντως θὰ κληρωθῇ μετὰ μυθικῶν ἀριθμῶν ὁ μέγας λαχνὸς τῶν 10,000 χρυσῶν φράγκων τῆς 18 Ἰουνίου ἐ. ἔ.

Ὁσάκις ἀσφαλίζωνται καὶ λαχειοφόρους ὁμολογίας εἰς τὰς πάσας τῆς Ἐθνικῆς Τραπέζης τῆς κληρώσεως τῆς 18 Ἰουνίου 1900 ἀντὶ μιᾶς δραχμῆς ἑκάστης.

ΤΕΛΕΥΤΑΙΑ ΩΡΑ
Ο ΤΟΥΡΚΙΚΟΣ ΣΤΟΛΟΣ
Η ΕΚΔΟΣΙΣ ΤΟΥ ΣΟΥΛΤΑΝΙΚΟΥ ΙΡΑΔΕ
(Ἰδιαίτερον τηλεγράφημα τοῦ «Ἐμπρὸς»)

ΚΩΝ)ΠΟΛΙΣ (ἀμέσως), 15 Μαΐου.— Ἐξεδόθη σήμερον σουλτανικὸς ἰραδές, ὅστις διατάσσει τὴν Κυβέρνησιν ὅπως συνάψῃ ἀμέσως συμβόλαιον μετὰ τῆς ἐν Γενούῃ μεγάλης ναυπηγικῆς ἑταιρίας τοῦ Ἀνσάλδο, ἥτις θ' ἀναλάβῃ ἀντὶ ἐξήκοντα ἑκατομμυρίων φράγκων χρυσῶν, πληρωτέων τμηματικῶς, τὴν ἐντὸς δεκαετίας ναυπήγησιν τοῦ τουρκικοῦ στόλου.

Ἡ ναυπήγησις τέσσαρα θωρηκτὰ πρώτης τάξεως, 20 τορπιλλοβόλα, ἐξ ἀντιτορπιλλικὰ καὶ ἐπισκευὴ τῶν παλαιῶν πολεμικῶν πλοίων τῆς Τουρκίας.

Ταῦτα πάντα θὰ παραδοθῶσιν ἐντὸς μιᾶς δεκαετίας, διότι ὁ Σουλτάνος ἐπείγεται νὰ συμπληρώσῃ τελείως τὸν τουρκικὸν στόλον.

ΣΧΗΜΑΤΙΣΜΟΣ
ΑΝΤΑΡΤΙΚΩΝ ΣΩΜΑΤΩΝ
ΔΙΑ ΝΑ ΕΙΣΒΑΛΟΥΝ ΕΙΣ ΤΗΝ ΜΑΚΕΔΟΝΙΑΝ.— Ο ΣΚΟΠΟΣ ΤΩΝ ΚΟΜΙΤΑΤΩΝ

Ἐκ Σόφιας ἠγγέλθη, ὅτι τὸ μακεδονικὸν κομιτάτον συνδυάζει καὶ προσδιορίζει τὸ σχέδιον τὸ ὁποῖον ἔχει ἐκ ἡγεμονικῶν καὶ ἐξ εἰδικῶν ἐθελοντῶν, συγκεντρώσῃ διάφορα σώματα, ἅτινα θὰ εἰσβάλουν εἰς τὴν Μακεδονίαν.

Η ΤΟΥΡΚΙΑ
ΘΑ ΙΔΡΥΣΗ ΝΑΥΠΗΓΕΙΟΝ
ΑΙ ΔΙΕΞΑΓΟΜΕΝΑΙ ΔΙΑΠΡΑΓΜΑΤΕΥΣΕΙΣ

Ὁ Σουλτάνος ἐν τῇ ὑπὲρ ἀναδιοργανώσεως τοῦ τουρκικοῦ στόλου ζήλῳ του ἀπεφάσισε...
